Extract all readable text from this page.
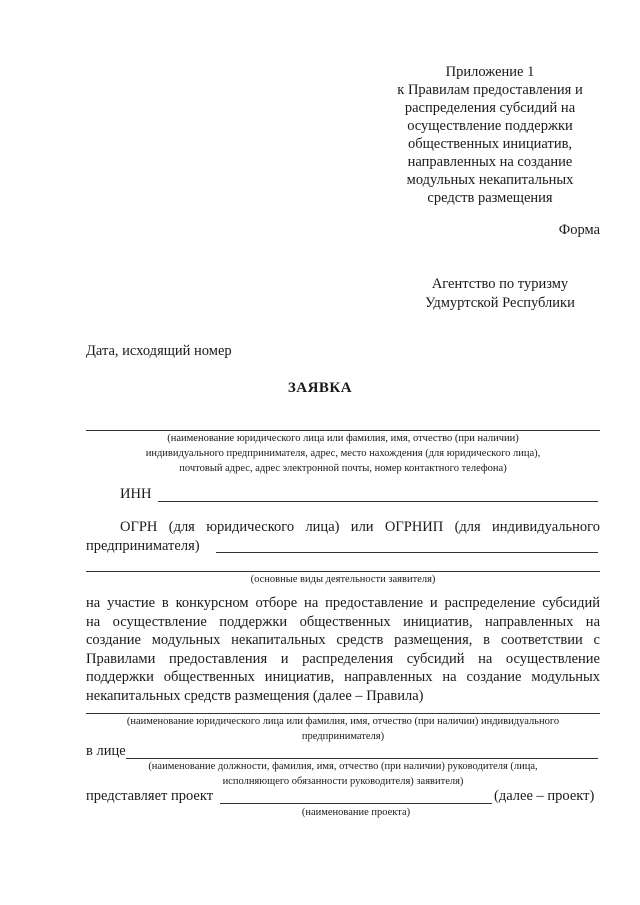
Приложение 1
к Правилам предоставления и
распределения субсидий на
осуществление поддержки
общественных инициатив,
направленных на создание
модульных некапитальных
средств размещения
Форма
Агентство по туризму
Удмуртской Республики
Дата, исходящий номер
ЗАЯВКА
(наименование юридического лица или фамилия, имя, отчество (при наличии)
индивидуального предпринимателя, адрес, место нахождения (для юридического лица),
почтовый адрес, адрес электронной почты, номер контактного телефона)
ИНН
ОГРН (для юридического лица) или ОГРНИП (для индивидуального
предпринимателя)
(основные виды деятельности заявителя)
на участие в конкурсном отборе на предоставление и распределение субсидий
на осуществление поддержки общественных инициатив, направленных на
создание модульных некапитальных средств размещения, в соответствии с
Правилами предоставления и распределения субсидий на осуществление
поддержки общественных инициатив, направленных на создание модульных
некапитальных средств размещения (далее – Правила)
(наименование юридического лица или фамилия, имя, отчество (при наличии) индивидуального
предпринимателя)
в лице
(наименование должности, фамилия, имя, отчество (при наличии) руководителя (лица,
исполняющего обязанности руководителя) заявителя)
представляет проект	(далее – проект)
(наименование проекта)
